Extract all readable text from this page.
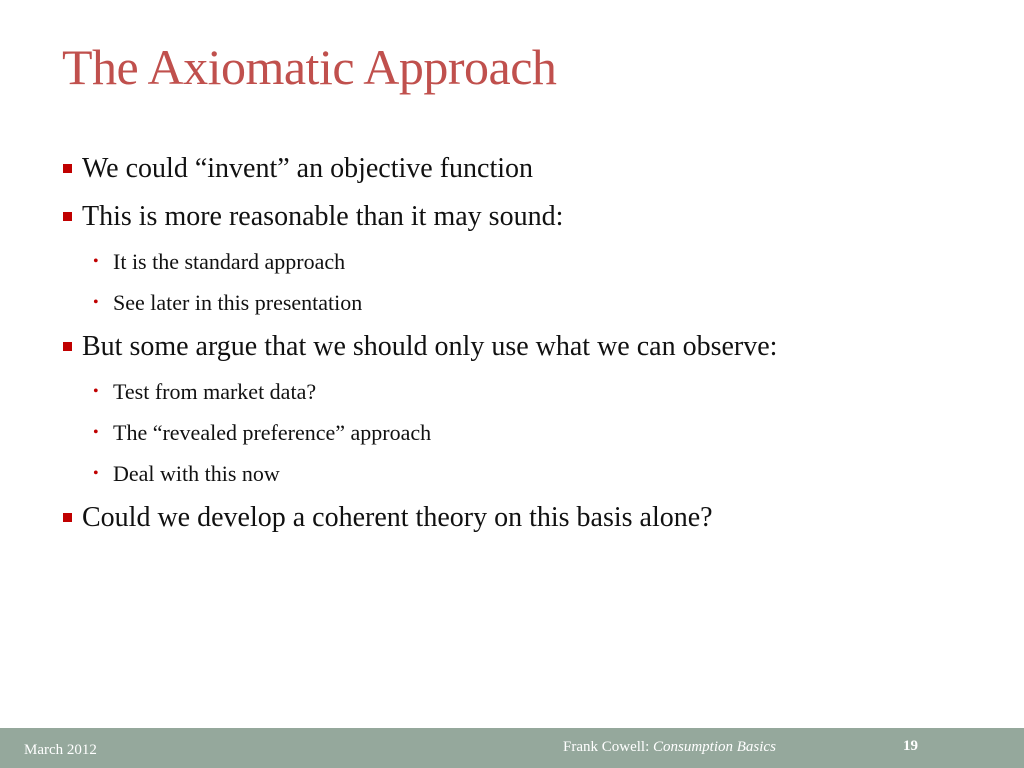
The Axiomatic Approach
We could “invent” an objective function
This is more reasonable than it may sound:
• It is the standard approach
• See later in this presentation
But some argue that we should only use what we can observe:
• Test from market data?
• The “revealed preference” approach
• Deal with this now
Could we develop a coherent theory on this basis alone?
March 2012	Frank Cowell: Consumption Basics	19
